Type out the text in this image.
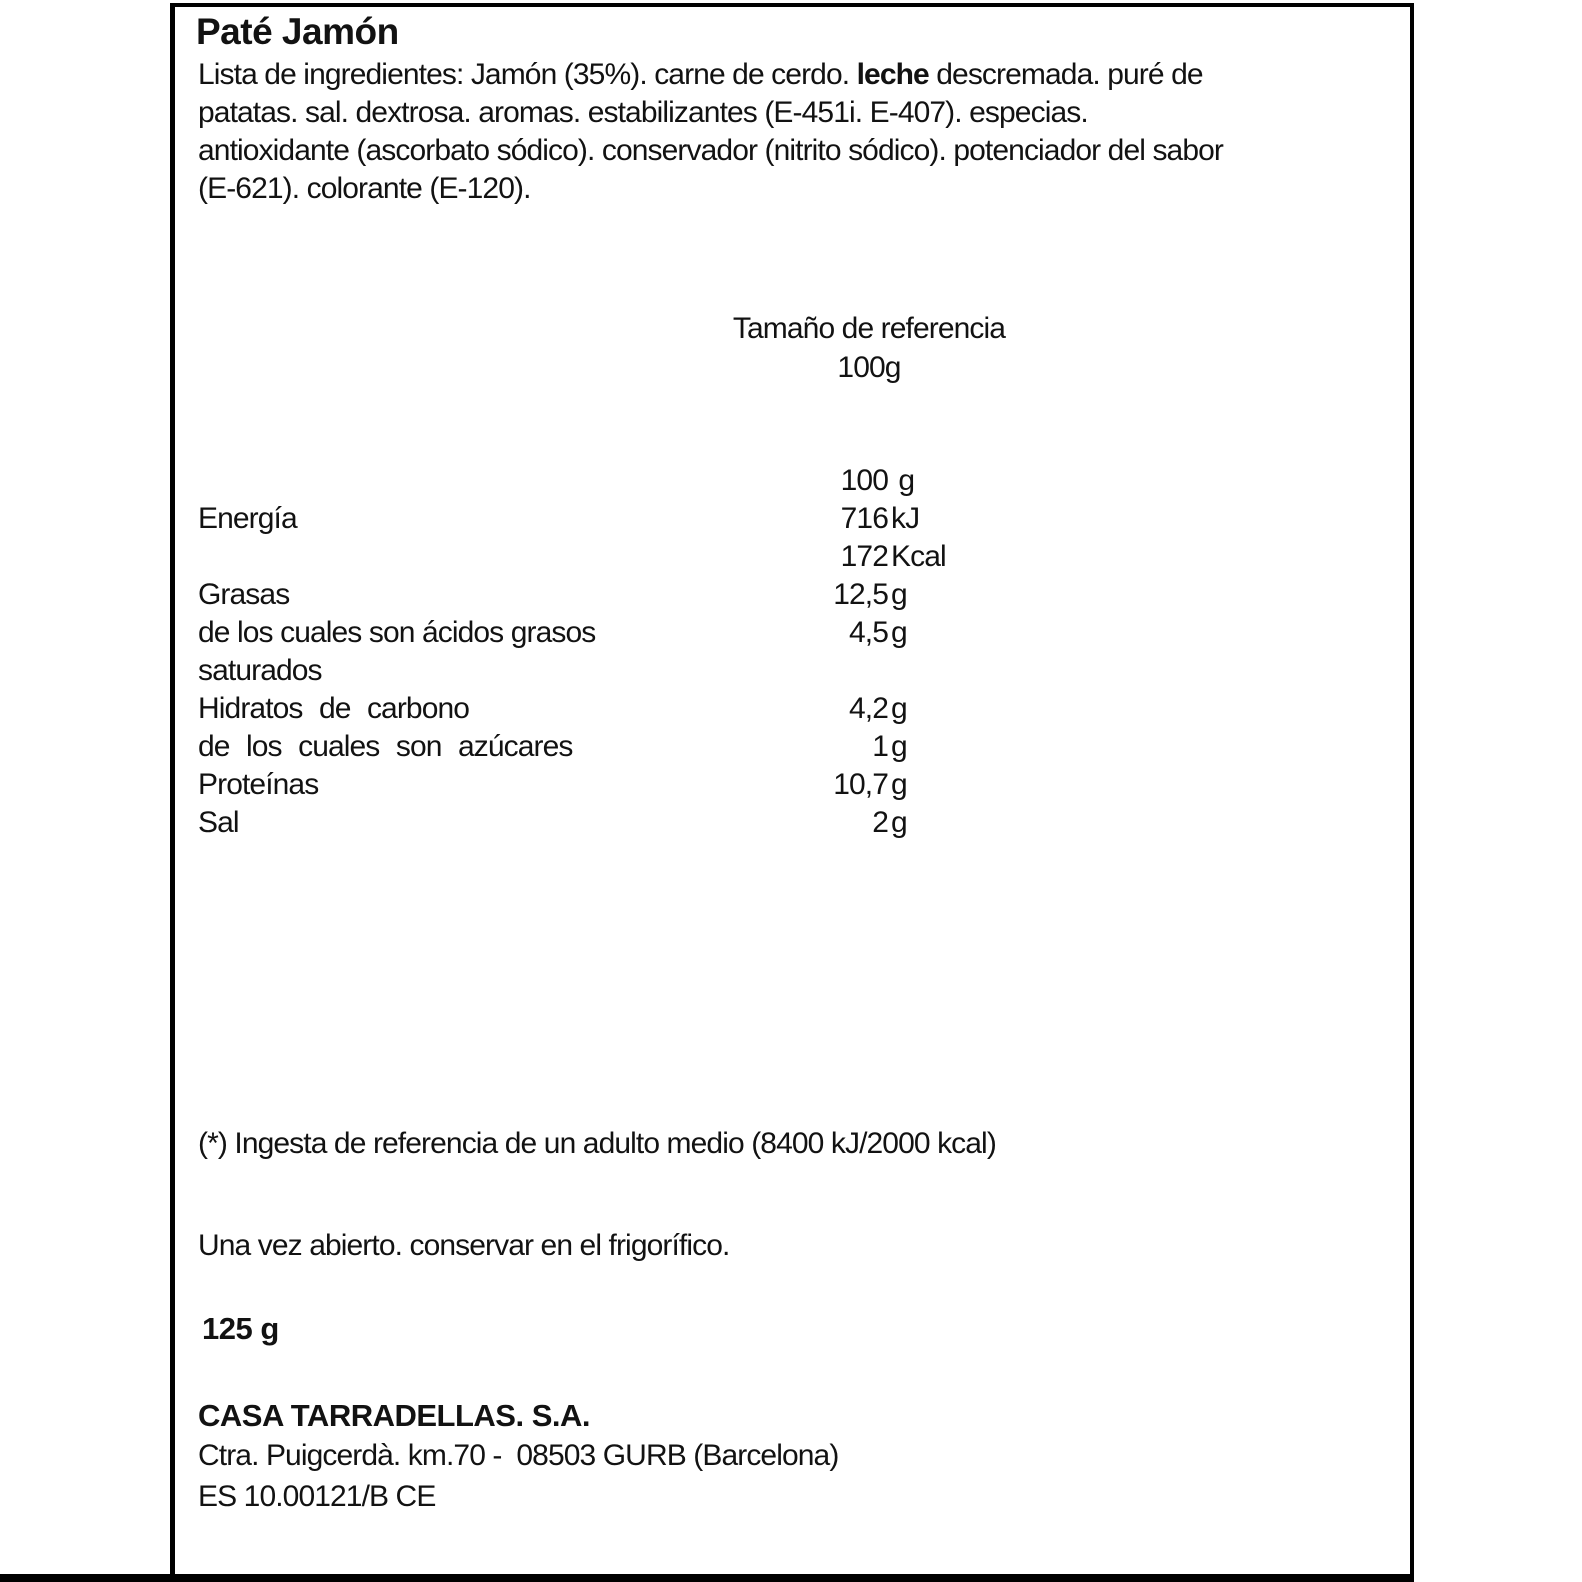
Paté Jamón
Lista de ingredientes: Jamón (35%). carne de cerdo. leche descremada. puré de
patatas. sal. dextrosa. aromas. estabilizantes (E-451i. E-407). especias.
antioxidante (ascorbato sódico). conservador (nitrito sódico). potenciador del sabor
(E-621). colorante (E-120).
Tamaño de referencia
100g
100 g
Energía	716 kJ
172 Kcal
Grasas	12,5 g
de los cuales son ácidos grasos	4,5 g
saturados
Hidratos de carbono	4,2 g
de los cuales son azúcares	1 g
Proteínas	10,7 g
Sal	2 g
(*) Ingesta de referencia de un adulto medio (8400 kJ/2000 kcal)
Una vez abierto. conservar en el frigorífico.
125 g
CASA TARRADELLAS. S.A.
Ctra. Puigcerdà. km.70 -  08503 GURB (Barcelona)
ES 10.00121/B CE
